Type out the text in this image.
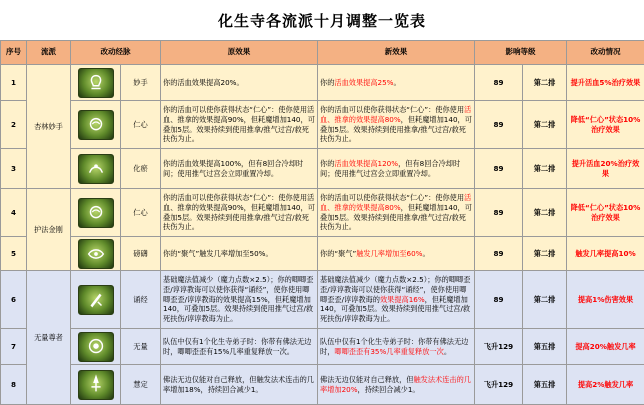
化生寺各流派十月调整一览表
序号	流派	改动经脉		原效果	新效果	影响等级		改动情况
1	杏林妙手		妙手	你的活血效果提高20%。	你的活血效果提高25%。	89	第二排	提升活血5%治疗效果
2			仁心	你的活血可以使你获得状态“仁心”：使你使用活血、推拿的效果提高90%，但耗魔增加140，可叠加5层。效果持续到使用推拿/推气过宫/救死扶伤为止。	你的活血可以使你获得状态“仁心”：使你使用活血、推拿的效果提高80%，但耗魔增加140，可叠加5层。效果持续到使用推拿/推气过宫/救死扶伤为止。	89	第二排	降低“仁心”状态10%治疗效果
3			化瘀	你的活血效果提高100%，但有8回合冷却时间；使用推气过宫会立即重置冷却。	你的活血效果提高120%，但有8回合冷却时间；使用推气过宫会立即重置冷却。	89	第二排	提升活血20%治疗效果
4	护法金刚		仁心	你的活血可以使你获得状态“仁心”：使你使用活血、推拿的效果提高90%，但耗魔增加140，可叠加5层。效果持续到使用推拿/推气过宫/救死扶伤为止。	你的活血可以使你获得状态“仁心”：使你使用活血、推拿的效果提高80%，但耗魔增加140，可叠加5层。效果持续到使用推拿/推气过宫/救死扶伤为止。	89	第二排	降低“仁心”状态10%治疗效果
5			磅礴	你的“聚气”触发几率增加至50%。	你的“聚气”触发几率增加至60%。	89	第二排	触发几率提高10%
6	无量尊者		诵经	基础魔法值减少（魔力点数×2.5）；你的唧唧歪歪/谆谆教诲可以使你获得“诵经”，使你使用唧唧歪歪/谆谆教诲的效果提高15%，但耗魔增加140，可叠加5层。效果持续到使用推气过宫/救死扶伤/谆谆教诲为止。	基础魔法值减少（魔力点数×2.5）；你的唧唧歪歪/谆谆教诲可以使你获得“诵经”，使你使用唧唧歪歪/谆谆教诲的效果提高16%，但耗魔增加140，可叠加5层。效果持续到使用推气过宫/救死扶伤/谆谆教诲为止。	89	第二排	提高1%伤害效果
7			无量	队伍中仅有1个化生寺弟子时：你带有佛法无边时，唧唧歪歪有15%几率重复释放一次。	队伍中仅有1个化生寺弟子时：你带有佛法无边时，唧唧歪歪有35%几率重复释放一次。	飞升129	第五排	提高20%触发几率
8			慧定	佛法无边仅能对自己释放，但触发法术连击的几率增加18%，持续回合减少1。	佛法无边仅能对自己释放，但触发法术连击的几率增加20%，持续回合减少1。	飞升129	第五排	提高2%触发几率
